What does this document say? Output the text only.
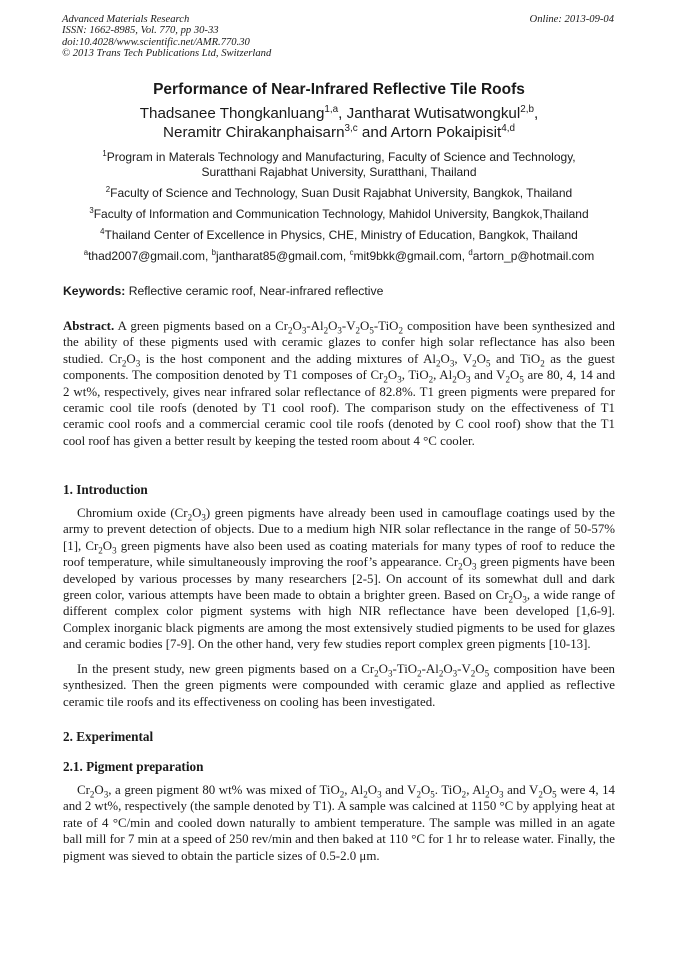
Advanced Materials Research
ISSN: 1662-8985, Vol. 770, pp 30-33
doi:10.4028/www.scientific.net/AMR.770.30
© 2013 Trans Tech Publications Ltd, Switzerland
Online: 2013-09-04
Performance of Near-Infrared Reflective Tile Roofs
Thadsanee Thongkanluang$^{1,a}$, Jantharat Wutisatwongkul$^{2,b}$,
Neramitr Chirakanphaisarn$^{3,c}$ and Artorn Pokaipisit$^{4,d}$
$^1$Program in Materals Technology and Manufacturing, Faculty of Science and Technology,
Suratthani Rajabhat University, Suratthani, Thailand
$^2$Faculty of Science and Technology, Suan Dusit Rajabhat University, Bangkok, Thailand
$^3$Faculty of Information and Communication Technology, Mahidol University, Bangkok,Thailand
$^4$Thailand Center of Excellence in Physics, CHE, Ministry of Education, Bangkok, Thailand
$^a$thad2007@gmail.com, $^b$jantharat85@gmail.com, $^c$mit9bkk@gmail.com, $^d$artorn_p@hotmail.com
Keywords: Reflective ceramic roof, Near-infrared reflective
Abstract. A green pigments based on a $Cr_2O_3-Al_2O_3-V_2O_5-TiO_2$ composition have been synthesized and the ability of these pigments used with ceramic glazes to confer high solar reflectance has also been studied. $Cr_2O_3$ is the host component and the adding mixtures of $Al_2O_3$, $V_2O_5$ and TiO$_2$ as the guest components. The composition denoted by T1 composes of $Cr_2O_3$, TiO$_2$, $Al_2O_3$ and $V_2O_5$ are 80, 4, 14 and 2 wt%, respectively, gives near infrared solar reflectance of 82.8%. T1 green pigments were prepared for ceramic cool tile roofs (denoted by T1 cool roof). The comparison study on the effectiveness of T1 ceramic cool roofs and a commercial ceramic cool tile roofs (denoted by C cool roof) show that the T1 cool roof has given a better result by keeping the tested room about 4 °C cooler.
1. Introduction
Chromium oxide $(Cr_2O_3)$ green pigments have already been used in camouflage coatings used by the army to prevent detection of objects. Due to a medium high NIR solar reflectance in the range of 50-57% [1], $Cr_2O_3$ green pigments have also been used as coating materials for many types of roof to reduce the roof temperature, while simultaneously improving the roof’s appearance. $Cr_2O_3$ green pigments have been developed by various processes by many researchers [2-5]. On account of its somewhat dull and dark green color, various attempts have been made to obtain a brighter green. Based on $Cr_2O_3$, a wide range of different complex color pigment systems with high NIR reflectance have been developed [1,6-9]. Complex inorganic black pigments are among the most extensively studied pigments to be used for glazes and ceramic bodies [7-9]. On the other hand, very few studies report complex green pigments [10-13].
In the present study, new green pigments based on a $Cr_2O_3-TiO_2-Al_2O_3-V_2O_5$ composition have been synthesized. Then the green pigments were compounded with ceramic glaze and applied as reflective ceramic tile roofs and its effectiveness on cooling has been investigated.
2. Experimental
2.1. Pigment preparation
$Cr_2O_3$, a green pigment 80 wt% was mixed of TiO$_2$, $Al_2O_3$ and $V_2O_5$. TiO$_2$, $Al_2O_3$ and $V_2O_5$ were 4, 14 and 2 wt%, respectively (the sample denoted by T1). A sample was calcined at 1150 °C by applying heat at rate of 4 °C/min and cooled down naturally to ambient temperature. The sample was milled in an agate ball mill for 7 min at a speed of 250 rev/min and then baked at 110 °C for 1 hr to release water. Finally, the pigment was sieved to obtain the particle sizes of 0.5-2.0 μm.
